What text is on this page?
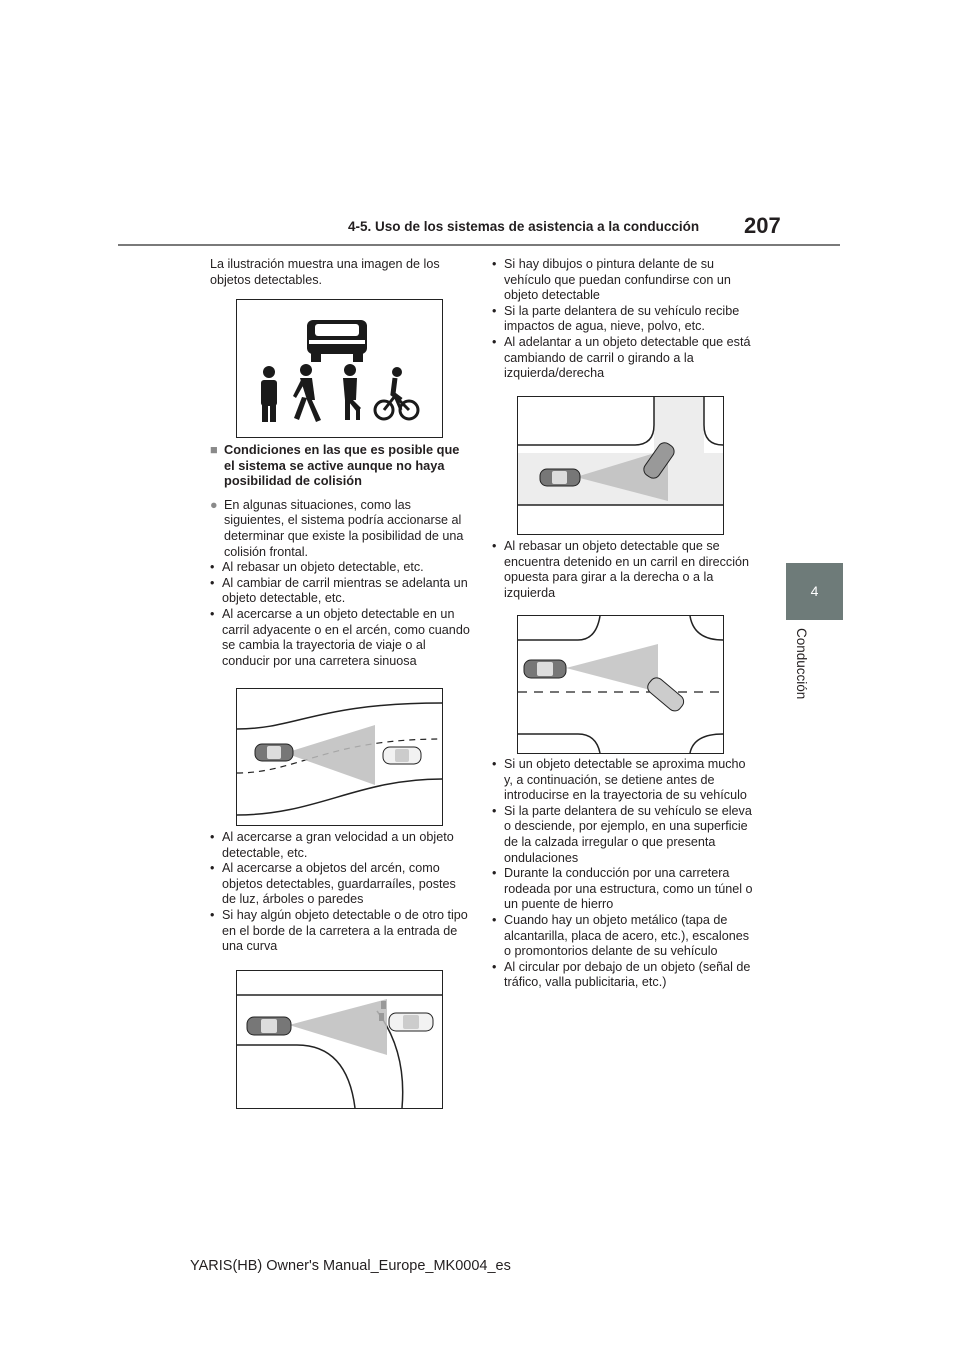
4-5. Uso de los sistemas de asistencia a la conducción 207
4
Conducción

La ilustración muestra una imagen de los objetos detectables.

■ Condiciones en las que es posible que el sistema se active aunque no haya posibilidad de colisión
● En algunas situaciones, como las siguientes, el sistema podría accionarse al determinar que existe la posibilidad de una colisión frontal.
• Al rebasar un objeto detectable, etc.
• Al cambiar de carril mientras se adelanta un objeto detectable, etc.
• Al acercarse a un objeto detectable en un carril adyacente o en el arcén, como cuando se cambia la trayectoria de viaje o al conducir por una carretera sinuosa
• Al acercarse a gran velocidad a un objeto detectable, etc.
• Al acercarse a objetos del arcén, como objetos detectables, guardarraíles, postes de luz, árboles o paredes
• Si hay algún objeto detectable o de otro tipo en el borde de la carretera a la entrada de una curva
• Si hay dibujos o pintura delante de su vehículo que puedan confundirse con un objeto detectable
• Si la parte delantera de su vehículo recibe impactos de agua, nieve, polvo, etc.
• Al adelantar a un objeto detectable que está cambiando de carril o girando a la izquierda/derecha
• Al rebasar un objeto detectable que se encuentra detenido en un carril en dirección opuesta para girar a la derecha o a la izquierda
• Si un objeto detectable se aproxima mucho y, a continuación, se detiene antes de introducirse en la trayectoria de su vehículo
• Si la parte delantera de su vehículo se eleva o desciende, por ejemplo, en una superficie de la calzada irregular o que presenta ondulaciones
• Durante la conducción por una carretera rodeada por una estructura, como un túnel o un puente de hierro
• Cuando hay un objeto metálico (tapa de alcantarilla, placa de acero, etc.), escalones o promontorios delante de su vehículo
• Al circular por debajo de un objeto (señal de tráfico, valla publicitaria, etc.)
YARIS(HB) Owner's Manual_Europe_MK0004_es
